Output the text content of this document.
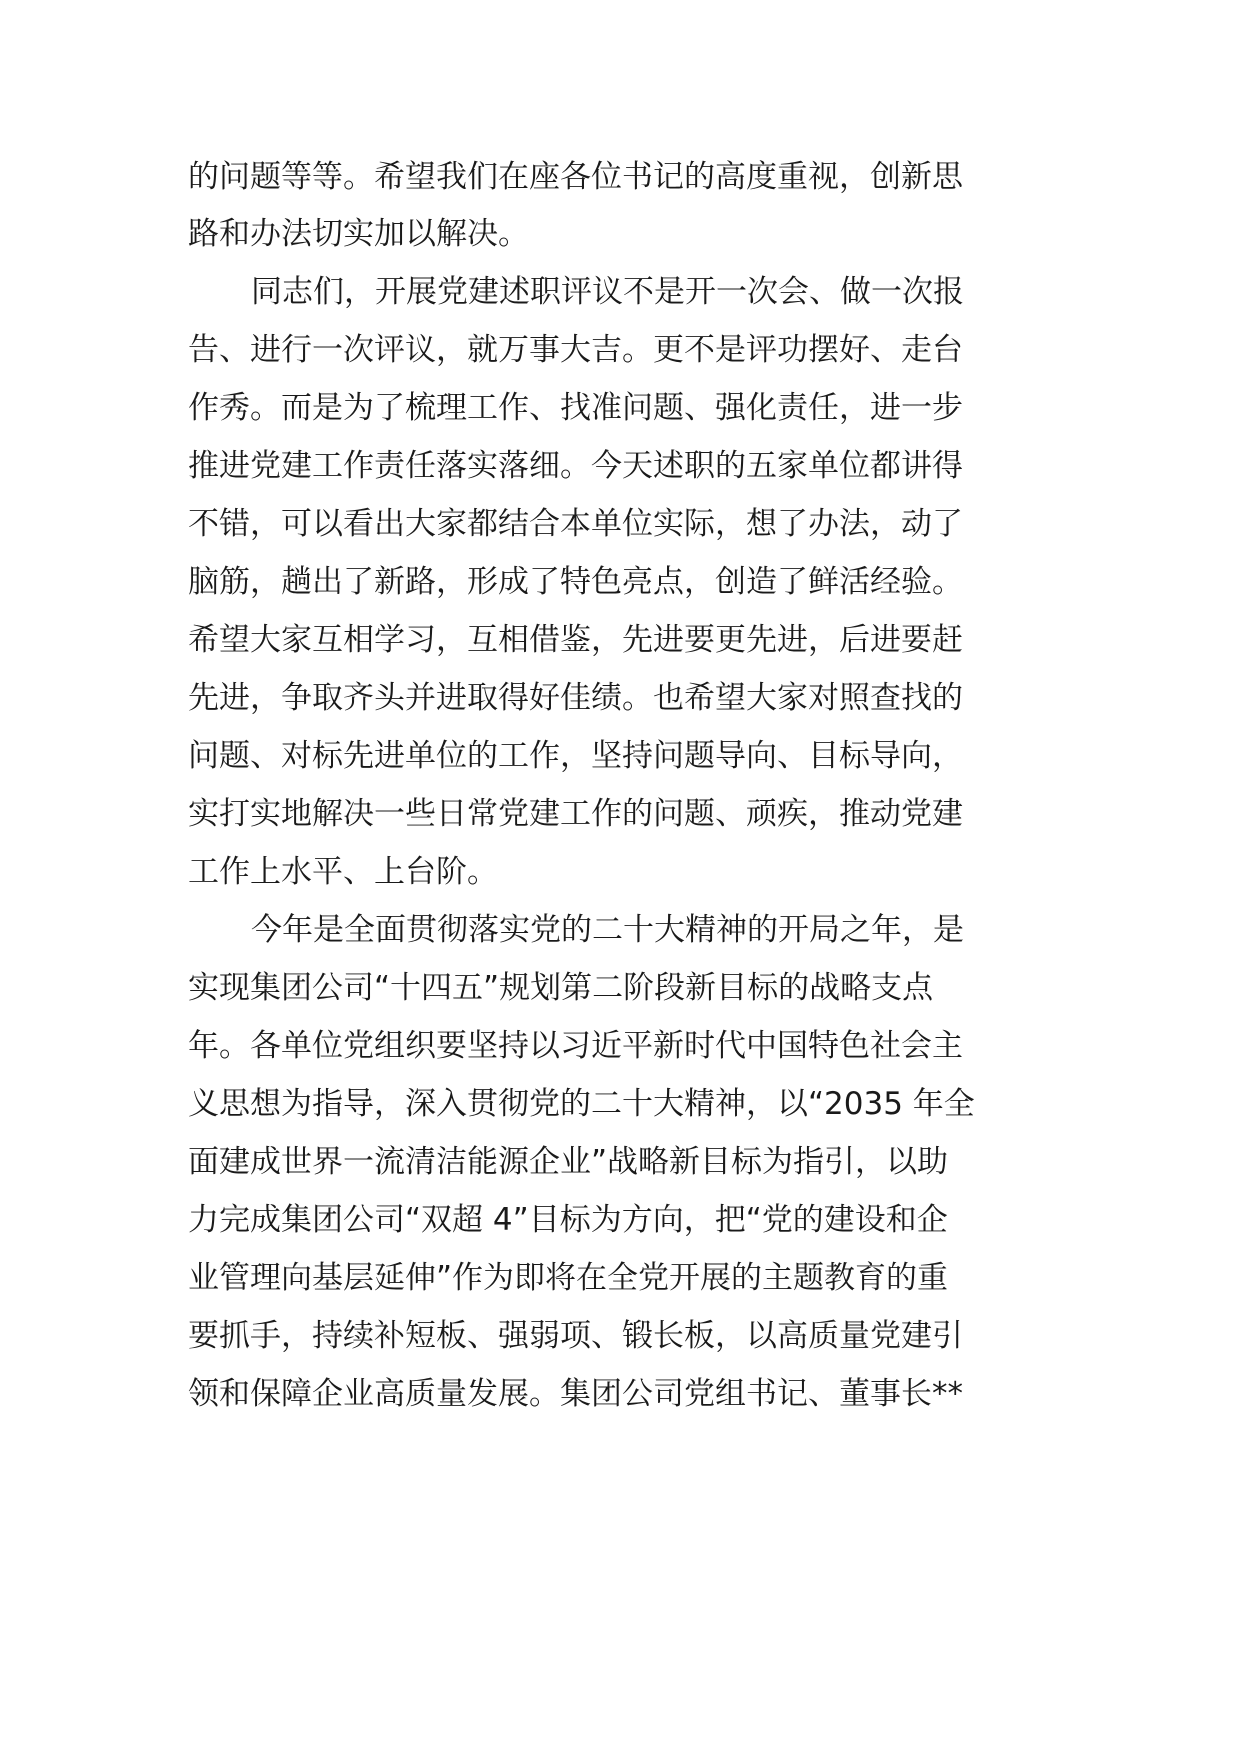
的问题等等。希望我们在座各位书记的高度重视，创新思
路和办法切实加以解决。
同志们，开展党建述职评议不是开一次会、做一次报
告、进行一次评议，就万事大吉。更不是评功摆好、走台
作秀。而是为了梳理工作、找准问题、强化责任，进一步
推进党建工作责任落实落细。今天述职的五家单位都讲得
不错，可以看出大家都结合本单位实际，想了办法，动了
脑筋，趟出了新路，形成了特色亮点，创造了鲜活经验。
希望大家互相学习，互相借鉴，先进要更先进，后进要赶
先进，争取齐头并进取得好佳绩。也希望大家对照查找的
问题、对标先进单位的工作，坚持问题导向、目标导向，
实打实地解决一些日常党建工作的问题、顽疾，推动党建
工作上水平、上台阶。
今年是全面贯彻落实党的二十大精神的开局之年，是
实现集团公司“十四五”规划第二阶段新目标的战略支点
年。各单位党组织要坚持以习近平新时代中国特色社会主
义思想为指导，深入贯彻党的二十大精神，以“2035 年全
面建成世界一流清洁能源企业”战略新目标为指引，以助
力完成集团公司“双超 4”目标为方向，把“党的建设和企
业管理向基层延伸”作为即将在全党开展的主题教育的重
要抓手，持续补短板、强弱项、锻长板，以高质量党建引
领和保障企业高质量发展。集团公司党组书记、董事长**
